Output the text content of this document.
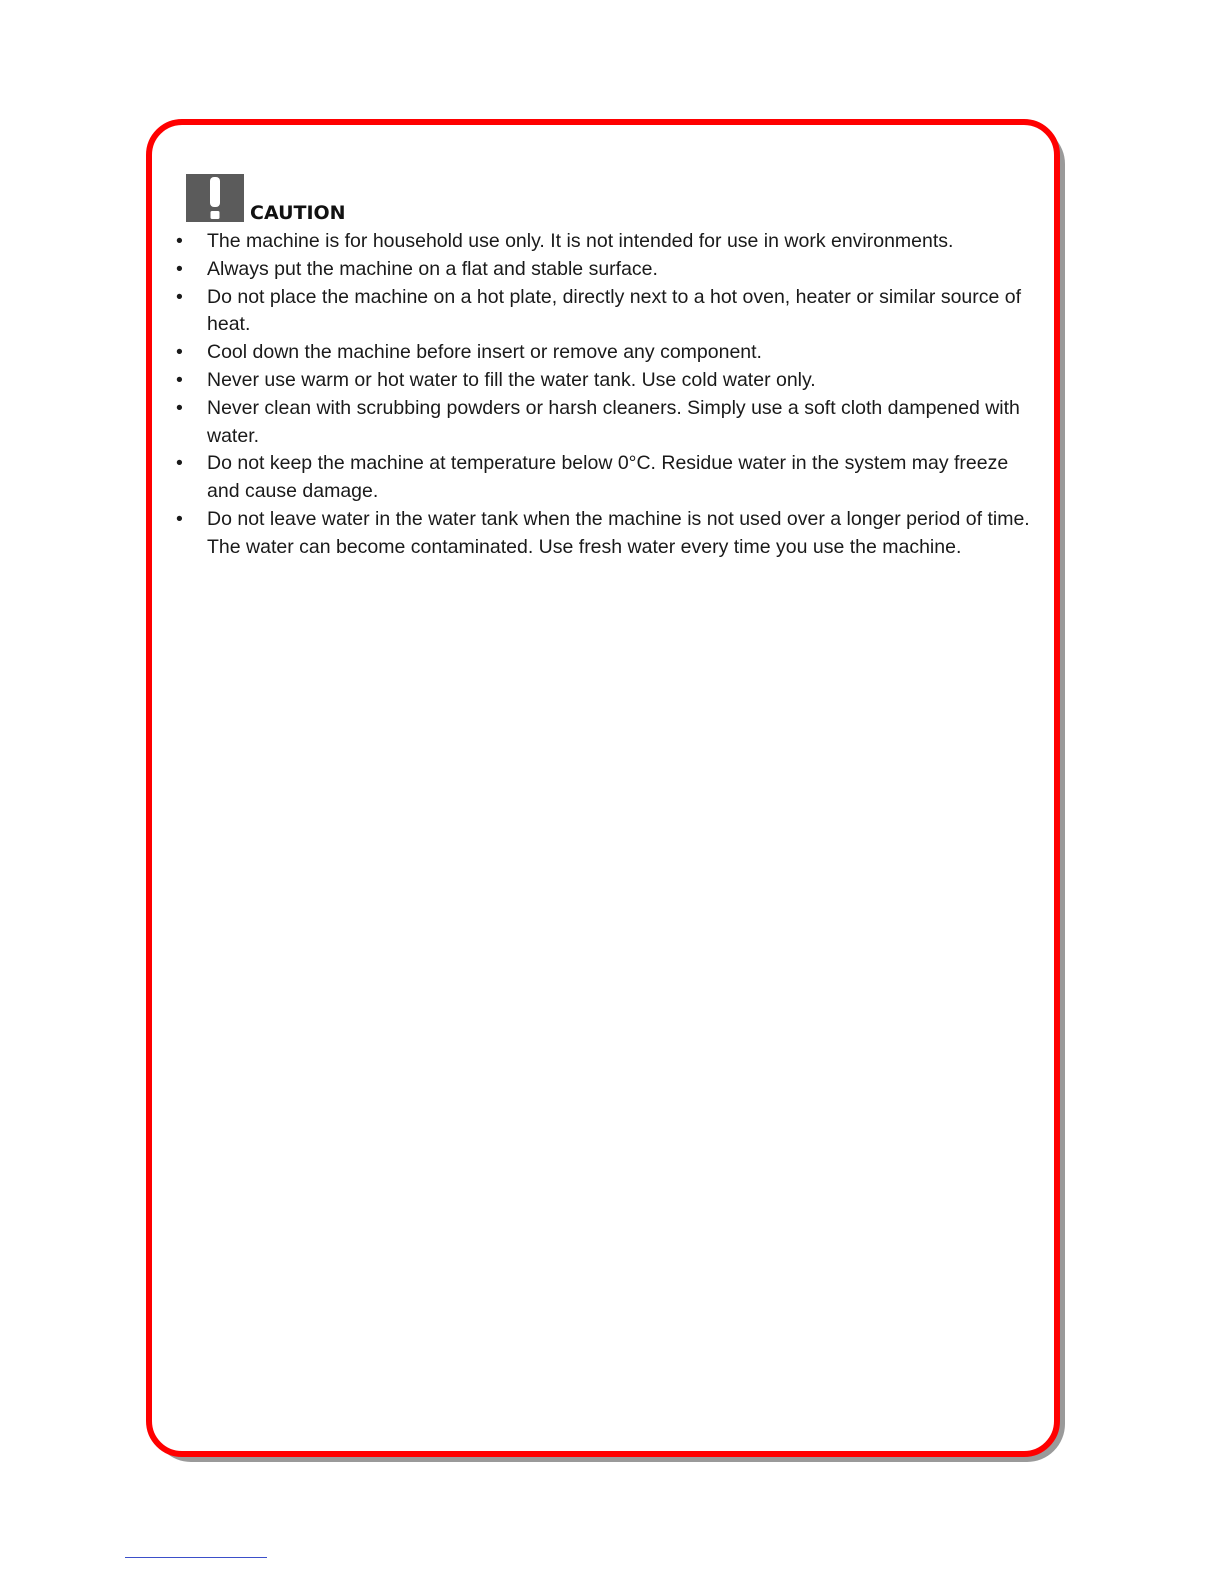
CAUTION
• The machine is for household use only. It is not intended for use in work environments.
• Always put the machine on a flat and stable surface.
• Do not place the machine on a hot plate, directly next to a hot oven, heater or similar source of heat.
• Cool down the machine before insert or remove any component.
• Never use warm or hot water to fill the water tank. Use cold water only.
• Never clean with scrubbing powders or harsh cleaners. Simply use a soft cloth dampened with water.
• Do not keep the machine at temperature below 0°C. Residue water in the system may freeze and cause damage.
• Do not leave water in the water tank when the machine is not used over a longer period of time. The water can become contaminated. Use fresh water every time you use the machine.
